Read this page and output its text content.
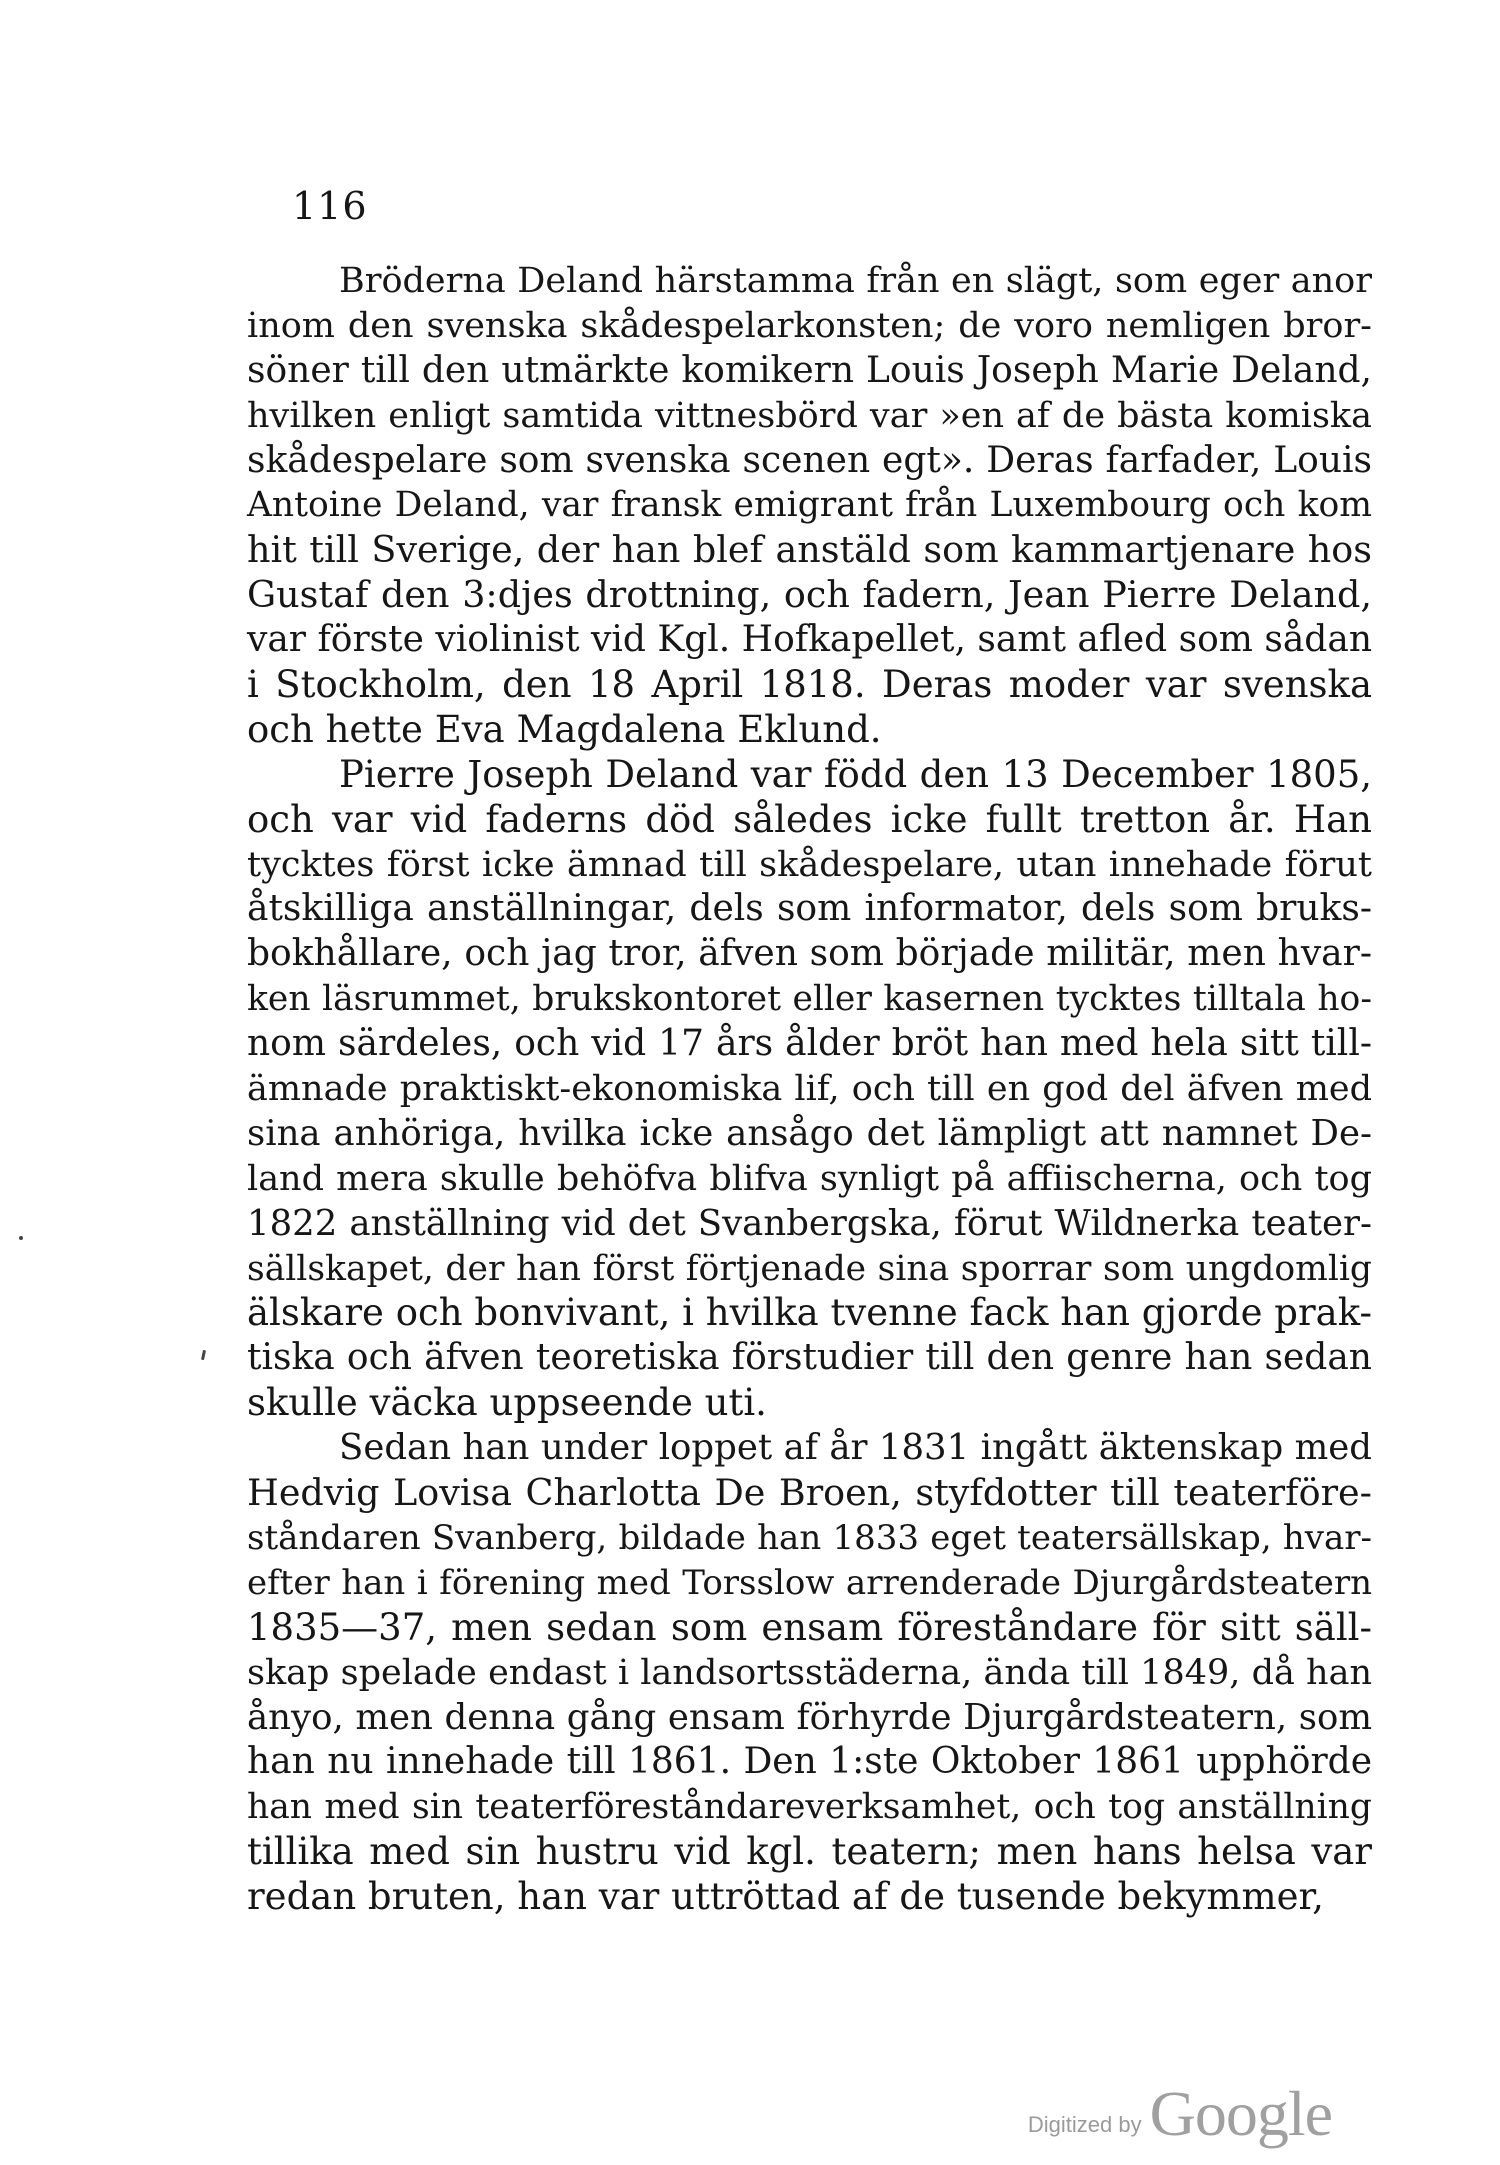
116

Bröderna Deland härstamma från en slägt, som eger anor
inom den svenska skådespelarkonsten; de voro nemligen bror-
söner till den utmärkte komikern Louis Joseph Marie Deland,
hvilken enligt samtida vittnesbörd var »en af de bästa komiska
skådespelare som svenska scenen egt». Deras farfader, Louis
Antoine Deland, var fransk emigrant från Luxembourg och kom
hit till Sverige, der han blef anstäld som kammartjenare hos
Gustaf den 3:djes drottning, och fadern, Jean Pierre Deland,
var förste violinist vid Kgl. Hofkapellet, samt afled som sådan
i Stockholm, den 18 April 1818. Deras moder var svenska
och hette Eva Magdalena Eklund.

Pierre Joseph Deland var född den 13 December 1805,
och var vid faderns död således icke fullt tretton år. Han
tycktes först icke ämnad till skådespelare, utan innehade förut
åtskilliga anställningar, dels som informator, dels som bruks-
bokhållare, och jag tror, äfven som började militär, men hvar-
ken läsrummet, brukskontoret eller kasernen tycktes tilltala ho-
nom särdeles, och vid 17 års ålder bröt han med hela sitt till-
ämnade praktiskt-ekonomiska lif, och till en god del äfven med
sina anhöriga, hvilka icke ansågo det lämpligt att namnet De-
land mera skulle behöfva blifva synligt på affiischerna, och tog
1822 anställning vid det Svanbergska, förut Wildnerka teater-
sällskapet, der han först förtjenade sina sporrar som ungdomlig
älskare och bonvivant, i hvilka tvenne fack han gjorde prak-
tiska och äfven teoretiska förstudier till den genre han sedan
skulle väcka uppseende uti.

Sedan han under loppet af år 1831 ingått äktenskap med
Hedvig Lovisa Charlotta De Broen, styfdotter till teaterföre-
ståndaren Svanberg, bildade han 1833 eget teatersällskap, hvar-
efter han i förening med Torsslow arrenderade Djurgårdsteatern
1835—37, men sedan som ensam föreståndare för sitt säll-
skap spelade endast i landsortsstäderna, ända till 1849, då han
ånyo, men denna gång ensam förhyrde Djurgårdsteatern, som
han nu innehade till 1861. Den 1:ste Oktober 1861 upphörde
han med sin teaterföreståndareverksamhet, och tog anställning
tillika med sin hustru vid kgl. teatern; men hans helsa var
redan bruten, han var uttröttad af de tusende bekymmer,

Digitized by Google
